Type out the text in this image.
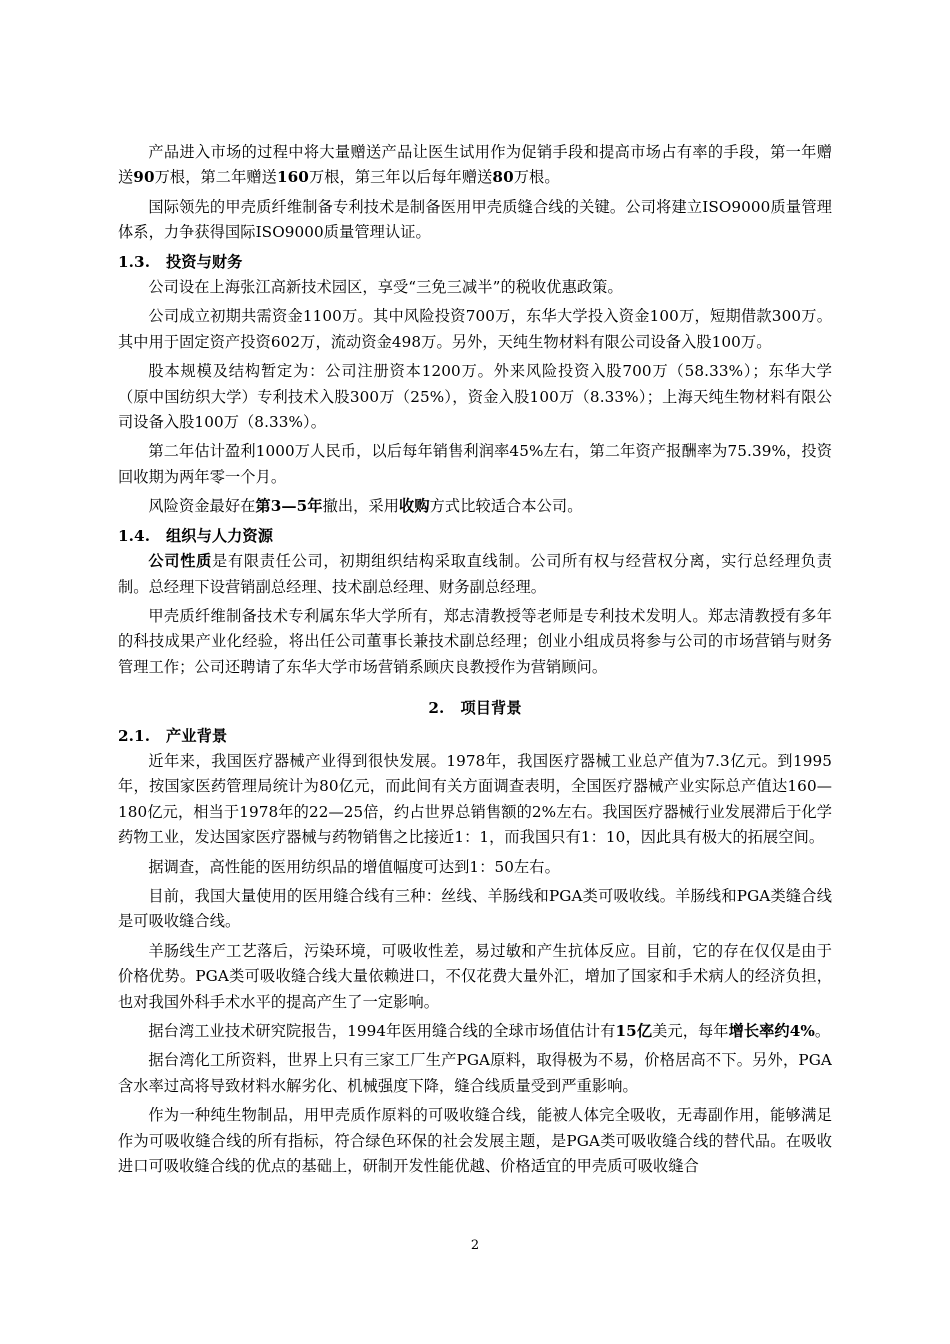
产品进入市场的过程中将大量赠送产品让医生试用作为促销手段和提高市场占有率的手段，第一年赠送90万根，第二年赠送160万根，第三年以后每年赠送80万根。

国际领先的甲壳质纤维制备专利技术是制备医用甲壳质缝合线的关键。公司将建立ISO9000质量管理体系，力争获得国际ISO9000质量管理认证。

1.3. 投资与财务

公司设在上海张江高新技术园区，享受“三免三减半”的税收优惠政策。

公司成立初期共需资金1100万。其中风险投资700万，东华大学投入资金100万，短期借款300万。其中用于固定资产投资602万，流动资金498万。另外，天纯生物材料有限公司设备入股100万。

股本规模及结构暂定为：公司注册资本1200万。外来风险投资入股700万（58.33%）；东华大学（原中国纺织大学）专利技术入股300万（25%），资金入股100万（8.33%）；上海天纯生物材料有限公司设备入股100万（8.33%）。

第二年估计盈利1000万人民币，以后每年销售利润率45%左右，第二年资产报酬率为75.39%，投资回收期为两年零一个月。

风险资金最好在第3—5年撤出，采用收购方式比较适合本公司。

1.4. 组织与人力资源

公司性质是有限责任公司，初期组织结构采取直线制。公司所有权与经营权分离，实行总经理负责制。总经理下设营销副总经理、技术副总经理、财务副总经理。

甲壳质纤维制备技术专利属东华大学所有，郑志清教授等老师是专利技术发明人。郑志清教授有多年的科技成果产业化经验，将出任公司董事长兼技术副总经理；创业小组成员将参与公司的市场营销与财务管理工作；公司还聘请了东华大学市场营销系顾庆良教授作为营销顾问。

2. 项目背景

2.1. 产业背景

近年来，我国医疗器械产业得到很快发展。1978年，我国医疗器械工业总产值为7.3亿元。到1995年，按国家医药管理局统计为80亿元，而此间有关方面调查表明，全国医疗器械产业实际总产值达160—180亿元，相当于1978年的22—25倍，约占世界总销售额的2%左右。我国医疗器械行业发展滞后于化学药物工业，发达国家医疗器械与药物销售之比接近1：1，而我国只有1：10，因此具有极大的拓展空间。

据调查，高性能的医用纺织品的增值幅度可达到1：50左右。

目前，我国大量使用的医用缝合线有三种：丝线、羊肠线和PGA类可吸收线。羊肠线和PGA类缝合线是可吸收缝合线。

羊肠线生产工艺落后，污染环境，可吸收性差，易过敏和产生抗体反应。目前，它的存在仅仅是由于价格优势。PGA类可吸收缝合线大量依赖进口，不仅花费大量外汇，增加了国家和手术病人的经济负担，也对我国外科手术水平的提高产生了一定影响。

据台湾工业技术研究院报告，1994年医用缝合线的全球市场值估计有15亿美元，每年增长率约4%。

据台湾化工所资料，世界上只有三家工厂生产PGA原料，取得极为不易，价格居高不下。另外，PGA含水率过高将导致材料水解劣化、机械强度下降，缝合线质量受到严重影响。

作为一种纯生物制品，用甲壳质作原料的可吸收缝合线，能被人体完全吸收，无毒副作用，能够满足作为可吸收缝合线的所有指标，符合绿色环保的社会发展主题，是PGA类可吸收缝合线的替代品。在吸收进口可吸收缝合线的优点的基础上，研制开发性能优越、价格适宜的甲壳质可吸收缝合

2
